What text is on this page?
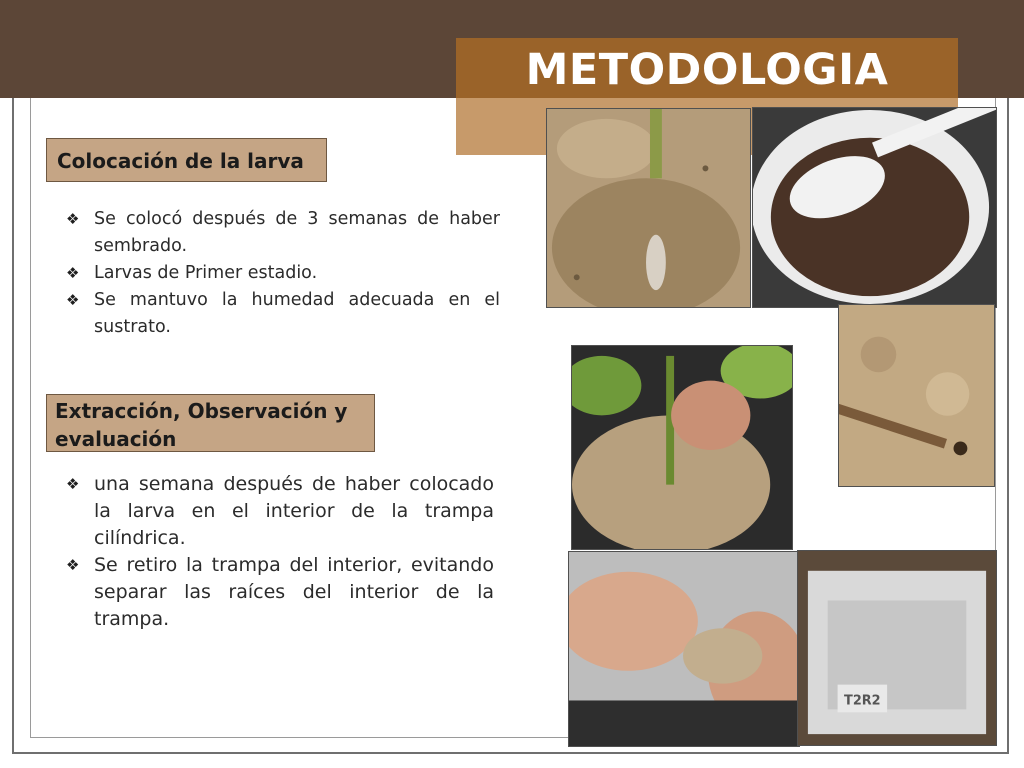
METODOLOGIA
Colocación de la larva
❖ Se colocó después de 3 semanas de haber sembrado.
❖ Larvas de Primer estadio.
❖ Se mantuvo la humedad adecuada en el sustrato.
Extracción, Observación y evaluación
❖ una semana después de haber colocado la larva en el interior de la trampa cilíndrica.
❖ Se retiro la trampa del interior, evitando separar las raíces del interior de la trampa.
T2R2
